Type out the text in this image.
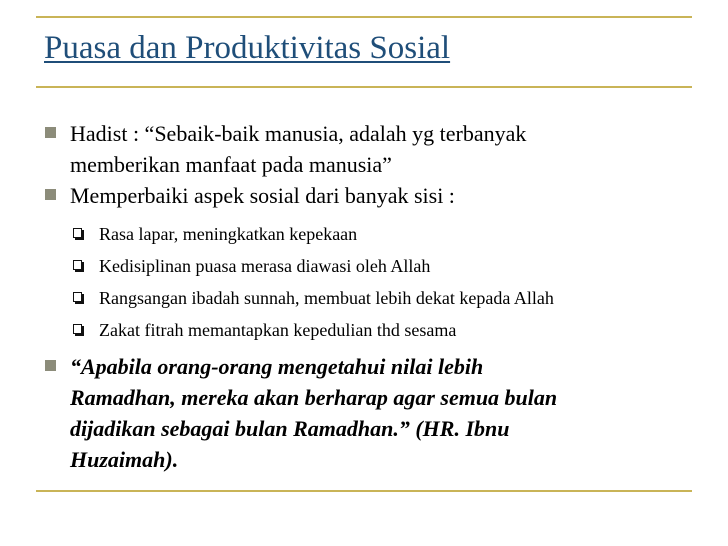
Puasa dan Produktivitas Sosial
Hadist : “Sebaik-baik manusia, adalah yg terbanyak
memberikan manfaat pada manusia”
Memperbaiki aspek sosial dari banyak sisi :
Rasa lapar, meningkatkan kepekaan
Kedisiplinan puasa merasa diawasi oleh Allah
Rangsangan ibadah sunnah, membuat lebih dekat kepada Allah
Zakat fitrah memantapkan kepedulian thd sesama
“Apabila orang-orang mengetahui nilai lebih
Ramadhan, mereka akan berharap agar semua bulan
dijadikan sebagai bulan Ramadhan.” (HR. Ibnu
Huzaimah).
